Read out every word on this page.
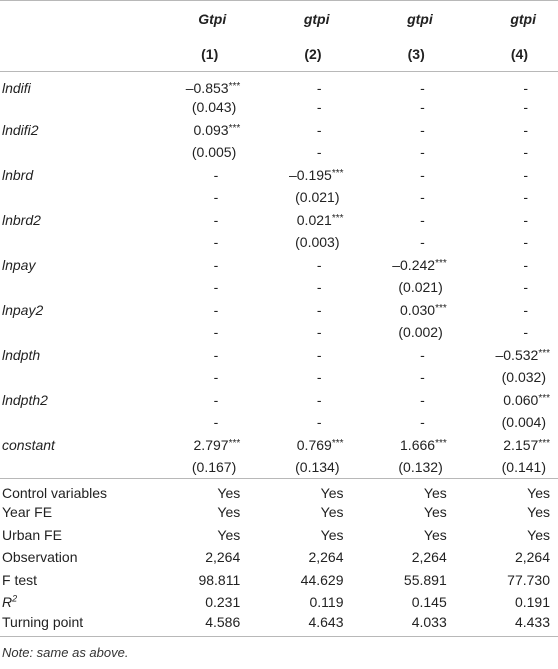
	Gtpi	gtpi	gtpi	gtpi
	(1)	(2)	(3)	(4)
lndifi	–0.853***	-	-	-
	(0.043)	-	-	-
lndifi2	0.093***	-	-	-
	(0.005)	-	-	-
lnbrd	-	–0.195***	-	-
	-	(0.021)	-	-
lnbrd2	-	0.021***	-	-
	-	(0.003)	-	-
lnpay	-	-	–0.242***	-
	-	-	(0.021)	-
lnpay2	-	-	0.030***	-
	-	-	(0.002)	-
lndpth	-	-	-	–0.532***
	-	-	-	(0.032)
lndpth2	-	-	-	0.060***
	-	-	-	(0.004)
constant	2.797***	0.769***	1.666***	2.157***
	(0.167)	(0.134)	(0.132)	(0.141)
Control variables	Yes	Yes	Yes	Yes
Year FE	Yes	Yes	Yes	Yes
Urban FE	Yes	Yes	Yes	Yes
Observation	2,264	2,264	2,264	2,264
F test	98.811	44.629	55.891	77.730
$R^2$	0.231	0.119	0.145	0.191
Turning point	4.586	4.643	4.033	4.433
Note: same as above.				
